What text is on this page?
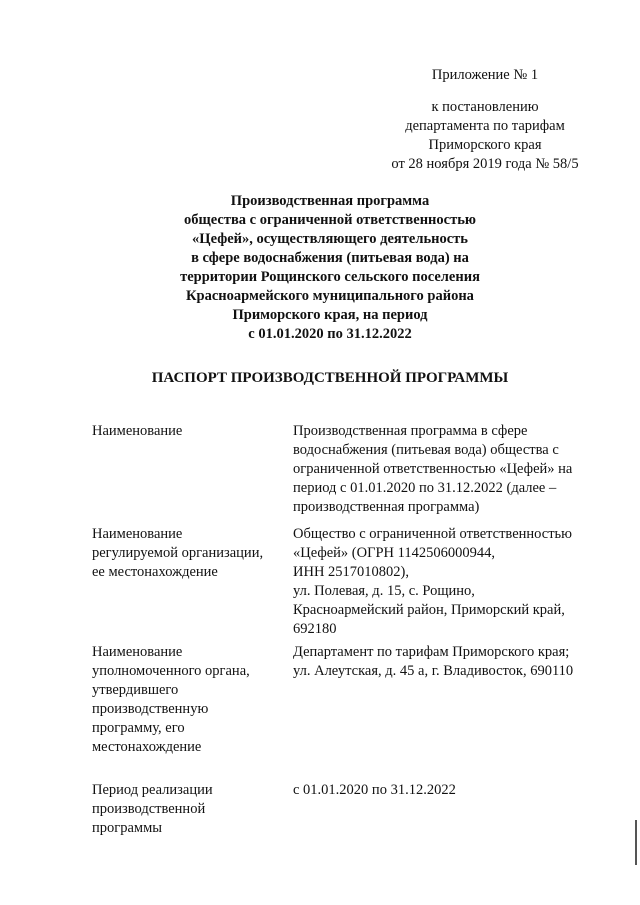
Приложение № 1
к постановлению
департамента по тарифам
Приморского края
от 28 ноября 2019 года № 58/5
Производственная программа
общества с ограниченной ответственностью
«Цефей», осуществляющего деятельность
в сфере водоснабжения (питьевая вода) на
территории Рощинского сельского поселения
Красноармейского муниципального района
Приморского края, на период
с 01.01.2020 по 31.12.2022
ПАСПОРТ ПРОИЗВОДСТВЕННОЙ ПРОГРАММЫ
Наименование	Производственная программа в сфере
водоснабжения (питьевая вода) общества с
ограниченной ответственностью «Цефей» на
период с 01.01.2020 по 31.12.2022 (далее –
производственная программа)
Наименование
регулируемой организации,
ее местонахождение
Общество с ограниченной ответственностью
«Цефей» (ОГРН 1142506000944,
ИНН 2517010802),
ул. Полевая, д. 15, с. Рощино,
Красноармейский район, Приморский край,
692180
Наименование
уполномоченного органа,
утвердившего
производственную
программу, его
местонахождение
Департамент по тарифам Приморского края;
ул. Алеутская, д. 45 а, г. Владивосток, 690110
Период реализации
производственной
программы
с 01.01.2020 по 31.12.2022
